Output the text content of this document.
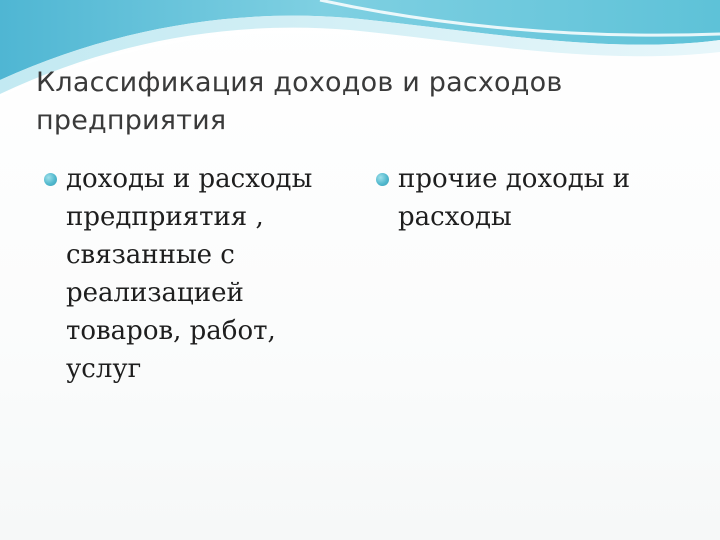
Классификация доходов и расходов предприятия

доходы и расходы предприятия , связанные с реализацией товаров, работ, услуг

прочие доходы и расходы
